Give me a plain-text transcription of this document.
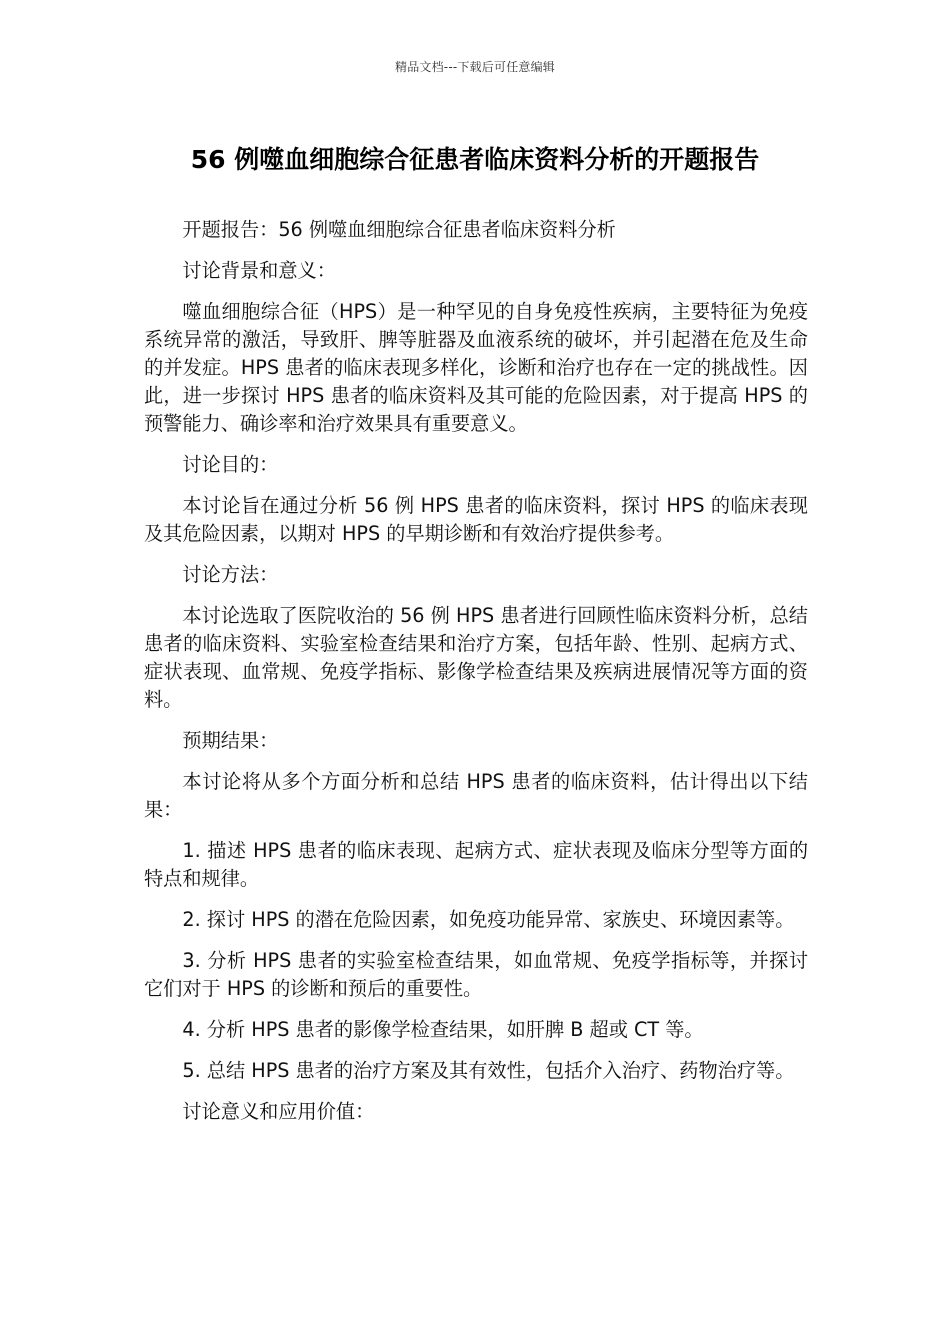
精品文档---下载后可任意编辑
56 例噬血细胞综合征患者临床资料分析的开题报告

开题报告：56 例噬血细胞综合征患者临床资料分析

讨论背景和意义：

噬血细胞综合征（HPS）是一种罕见的自身免疫性疾病，主要特征为免疫系统异常的激活，导致肝、脾等脏器及血液系统的破坏，并引起潜在危及生命的并发症。HPS 患者的临床表现多样化，诊断和治疗也存在一定的挑战性。因此，进一步探讨 HPS 患者的临床资料及其可能的危险因素，对于提高 HPS 的预警能力、确诊率和治疗效果具有重要意义。

讨论目的：

本讨论旨在通过分析 56 例 HPS 患者的临床资料，探讨 HPS 的临床表现及其危险因素，以期对 HPS 的早期诊断和有效治疗提供参考。

讨论方法：

本讨论选取了医院收治的 56 例 HPS 患者进行回顾性临床资料分析，总结患者的临床资料、实验室检查结果和治疗方案，包括年龄、性别、起病方式、症状表现、血常规、免疫学指标、影像学检查结果及疾病进展情况等方面的资料。

预期结果：

本讨论将从多个方面分析和总结 HPS 患者的临床资料，估计得出以下结果：

1. 描述 HPS 患者的临床表现、起病方式、症状表现及临床分型等方面的特点和规律。

2. 探讨 HPS 的潜在危险因素，如免疫功能异常、家族史、环境因素等。

3. 分析 HPS 患者的实验室检查结果，如血常规、免疫学指标等，并探讨它们对于 HPS 的诊断和预后的重要性。

4. 分析 HPS 患者的影像学检查结果，如肝脾 B 超或 CT 等。

5. 总结 HPS 患者的治疗方案及其有效性，包括介入治疗、药物治疗等。

讨论意义和应用价值：
